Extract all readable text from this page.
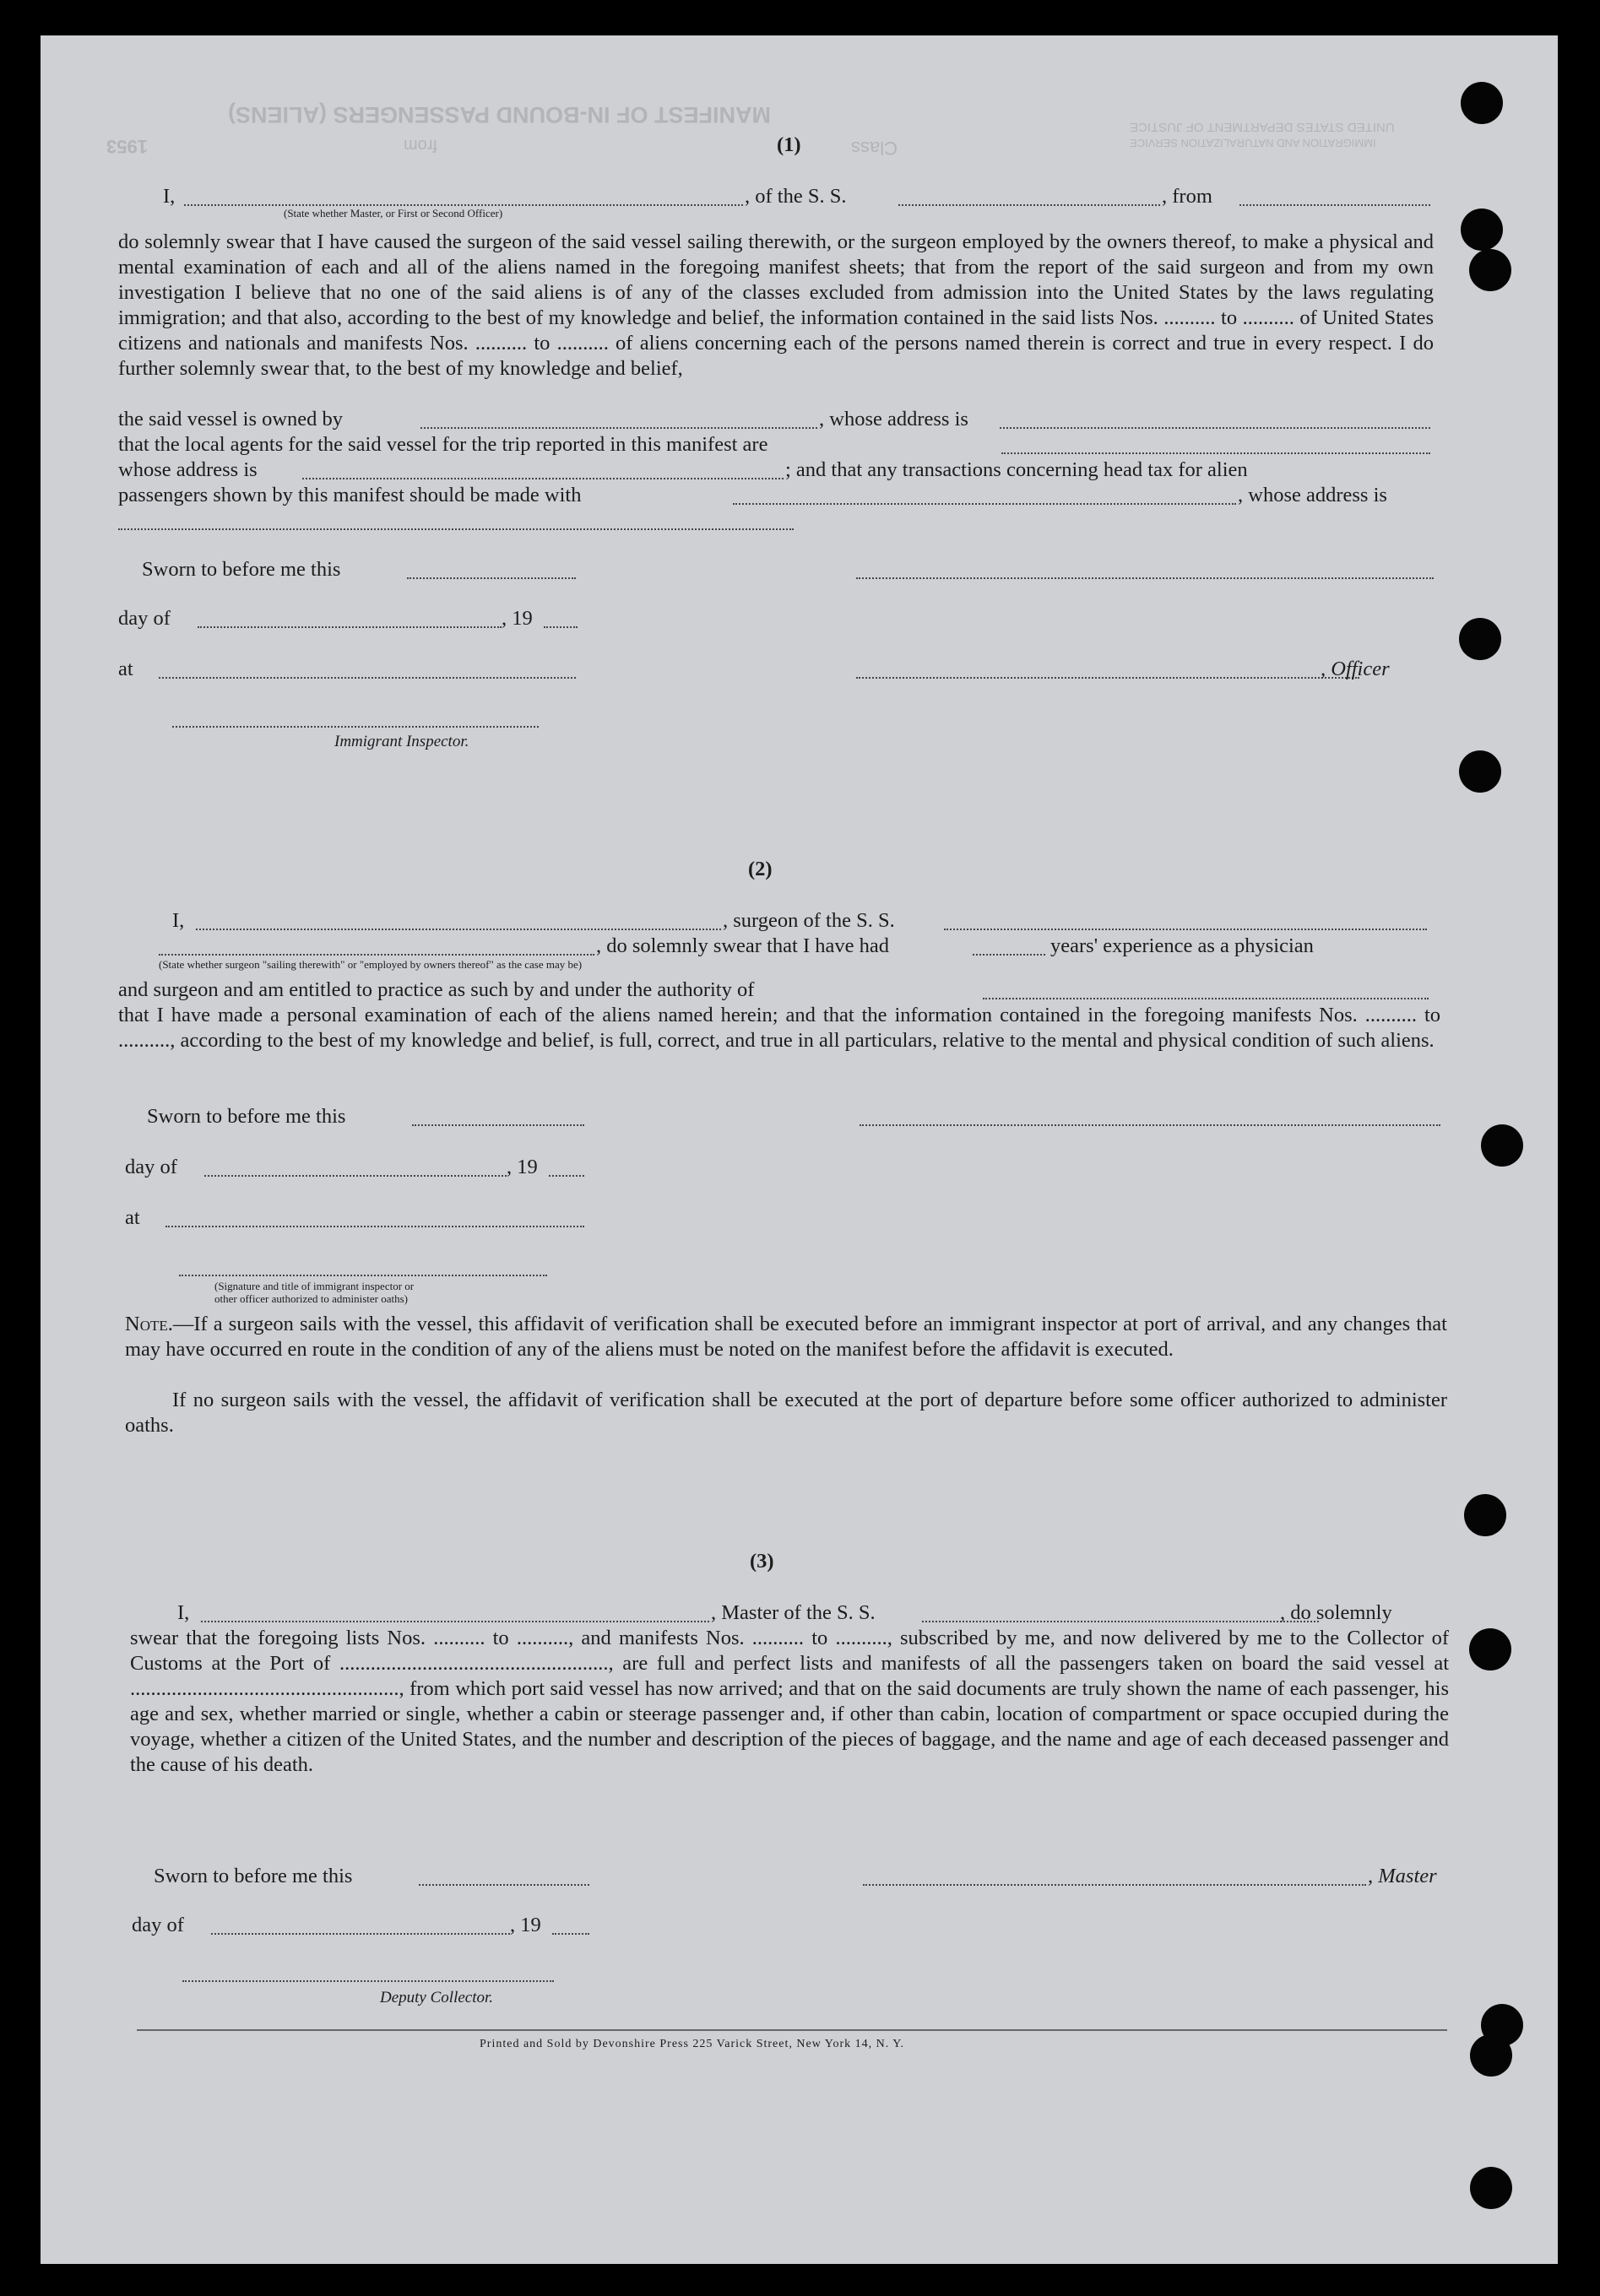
MANIFEST OF IN-BOUND PASSENGERS (ALIENS)
1953	from	Class
UNITED STATES DEPARTMENT OF JUSTICE
IMMIGRATION AND NATURALIZATION SERVICE
(1)
I,	, of the S. S.	, from
(State whether Master, or First or Second Officer)

do solemnly swear that I have caused the surgeon of the said vessel sailing therewith, or the surgeon employed by the owners thereof, to make a physical and mental examination of each and all of the aliens named in the foregoing manifest sheets; that from the report of the said surgeon and from my own investigation I believe that no one of the said aliens is of any of the classes excluded from admission into the United States by the laws regulating immigration; and that also, according to the best of my knowledge and belief, the information contained in the said lists Nos. .......... to .......... of United States citizens and nationals and manifests Nos. .......... to .......... of aliens concerning each of the persons named therein is correct and true in every respect. I do further solemnly swear that, to the best of my knowledge and belief,

the said vessel is owned by	, whose address is
that the local agents for the said vessel for the trip reported in this manifest are
whose address is	; and that any transactions concerning head tax for alien
passengers shown by this manifest should be made with	, whose address is
Sworn to before me this
day of	, 19
at	, Officer
Immigrant Inspector.
(2)
I,	, surgeon of the S. S.
, do solemnly swear that I have had	years' experience as a physician
(State whether surgeon "sailing therewith" or "employed by owners thereof" as the case may be)
and surgeon and am entitled to practice as such by and under the authority of

that I have made a personal examination of each of the aliens named herein; and that the information contained in the foregoing manifests Nos. .......... to .........., according to the best of my knowledge and belief, is full, correct, and true in all particulars, relative to the mental and physical condition of such aliens.

Sworn to before me this
day of	, 19
at
(Signature and title of immigrant inspector or
other officer authorized to administer oaths)

Note.—If a surgeon sails with the vessel, this affidavit of verification shall be executed before an immigrant inspector at port of arrival, and any changes that may have occurred en route in the condition of any of the aliens must be noted on the manifest before the affidavit is executed.

If no surgeon sails with the vessel, the affidavit of verification shall be executed at the port of departure before some officer authorized to administer oaths.

(3)
I,	, Master of the S. S.	, do solemnly

swear that the foregoing lists Nos. .......... to .........., and manifests Nos. .......... to .........., subscribed by me, and now delivered by me to the Collector of Customs at the Port of ...................................................., are full and perfect lists and manifests of all the passengers taken on board the said vessel at ...................................................., from which port said vessel has now arrived; and that on the said documents are truly shown the name of each passenger, his age and sex, whether married or single, whether a cabin or steerage passenger and, if other than cabin, location of compartment or space occupied during the voyage, whether a citizen of the United States, and the number and description of the pieces of baggage, and the name and age of each deceased passenger and the cause of his death.

Sworn to before me this	, Master
day of	, 19
Deputy Collector.
Printed and Sold by Devonshire Press 225 Varick Street, New York 14, N. Y.
